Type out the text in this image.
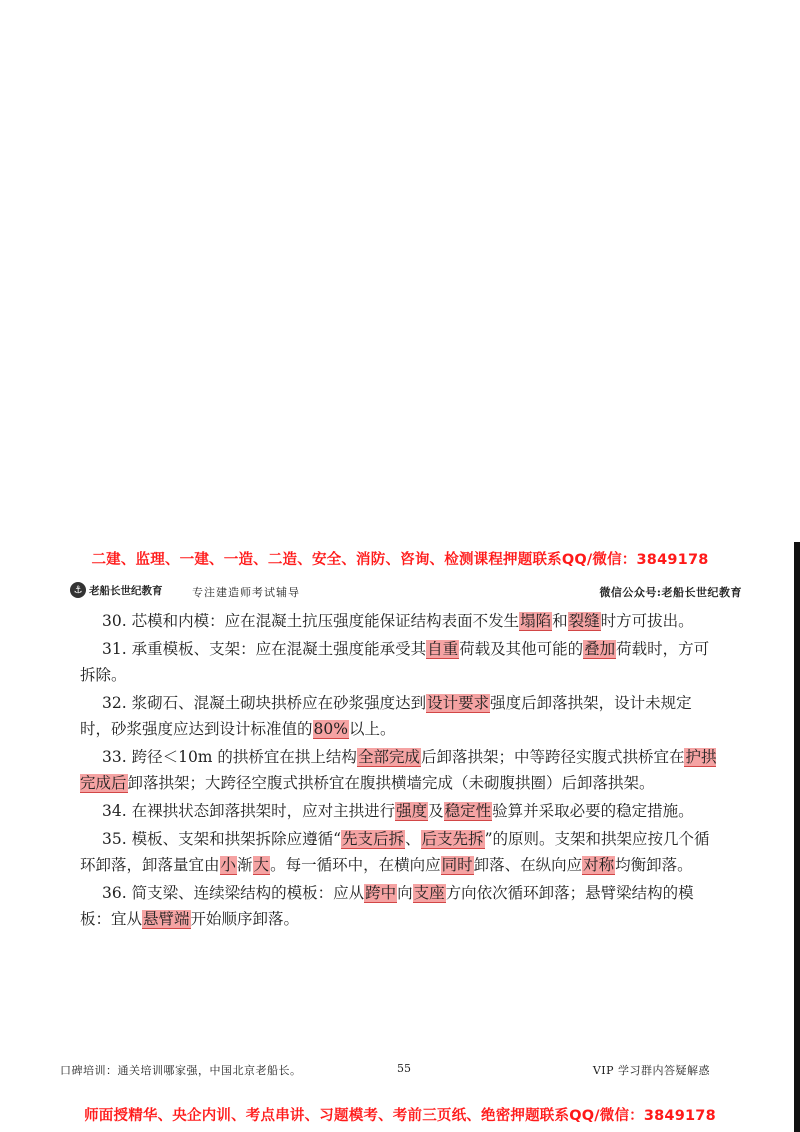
二建、监理、一建、一造、二造、安全、消防、咨询、检测课程押题联系QQ/微信：3849178
⚓ 老船长世纪教育	专注建造师考试辅导	微信公众号:老船长世纪教育

30. 芯模和内模：应在混凝土抗压强度能保证结构表面不发生塌陷和裂缝时方可拔出。

31. 承重模板、支架：应在混凝土强度能承受其自重荷载及其他可能的叠加荷载时，方可拆除。

32. 浆砌石、混凝土砌块拱桥应在砂浆强度达到设计要求强度后卸落拱架，设计未规定时，砂浆强度应达到设计标准值的80%以上。

33. 跨径＜10m 的拱桥宜在拱上结构全部完成后卸落拱架；中等跨径实腹式拱桥宜在护拱完成后卸落拱架；大跨径空腹式拱桥宜在腹拱横墙完成（未砌腹拱圈）后卸落拱架。

34. 在裸拱状态卸落拱架时，应对主拱进行强度及稳定性验算并采取必要的稳定措施。

35. 模板、支架和拱架拆除应遵循“先支后拆、后支先拆”的原则。支架和拱架应按几个循环卸落，卸落量宜由小渐大。每一循环中，在横向应同时卸落、在纵向应对称均衡卸落。

36. 简支梁、连续梁结构的模板：应从跨中向支座方向依次循环卸落；悬臂梁结构的模板：宜从悬臂端开始顺序卸落。

口碑培训：通关培训哪家强，中国北京老船长。	55	VIP 学习群内答疑解惑
师面授精华、央企内训、考点串讲、习题模考、考前三页纸、绝密押题联系QQ/微信：3849178
